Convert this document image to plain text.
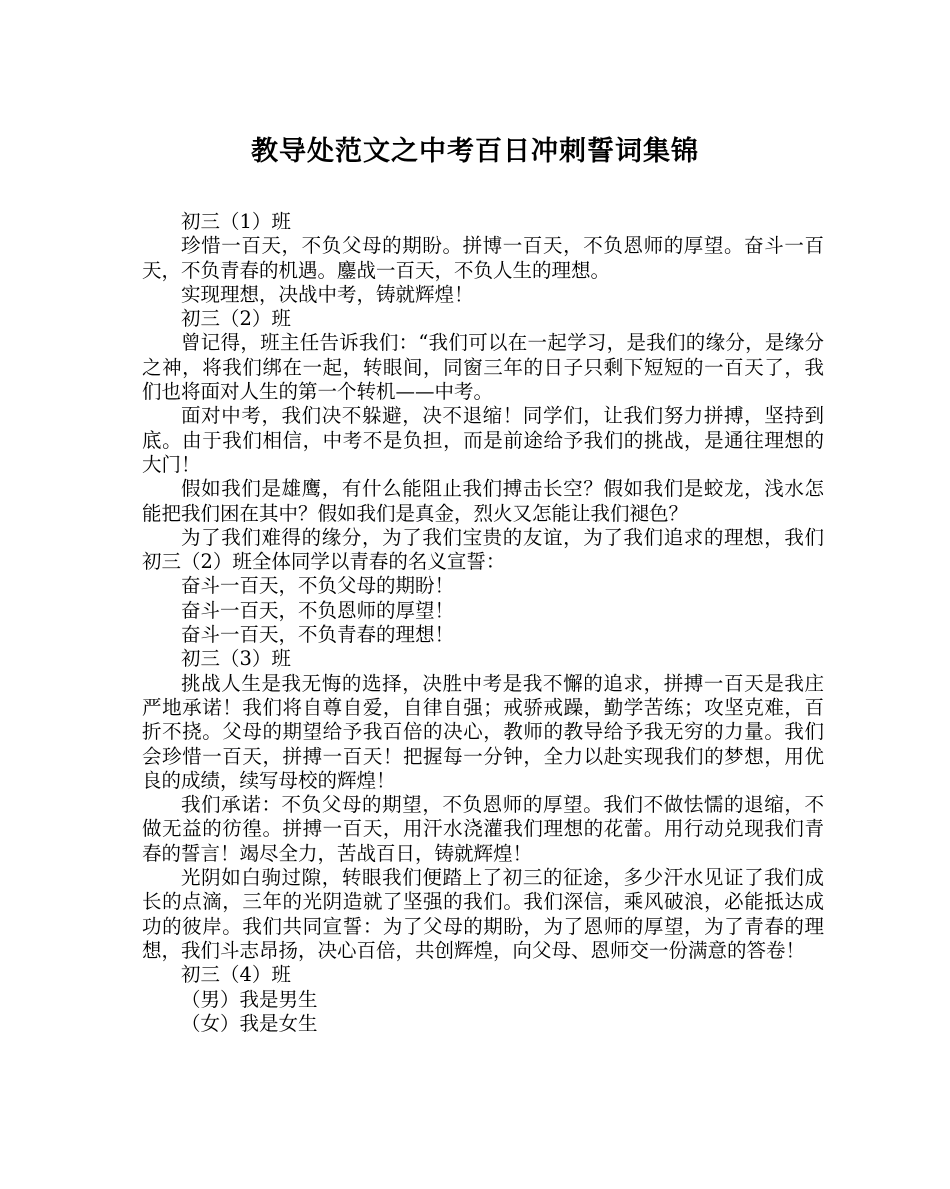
教导处范文之中考百日冲刺誓词集锦

初三（1）班

珍惜一百天，不负父母的期盼。拼博一百天，不负恩师的厚望。奋斗一百天，不负青春的机遇。鏖战一百天，不负人生的理想。

实现理想，决战中考，铸就辉煌！

初三（2）班

曾记得，班主任告诉我们：“我们可以在一起学习，是我们的缘分，是缘分之神，将我们绑在一起，转眼间，同窗三年的日子只剩下短短的一百天了，我们也将面对人生的第一个转机——中考。

面对中考，我们决不躲避，决不退缩！同学们，让我们努力拼搏，坚持到底。由于我们相信，中考不是负担，而是前途给予我们的挑战，是通往理想的大门！

假如我们是雄鹰，有什么能阻止我们搏击长空？假如我们是蛟龙，浅水怎能把我们困在其中？假如我们是真金，烈火又怎能让我们褪色？

为了我们难得的缘分，为了我们宝贵的友谊，为了我们追求的理想，我们初三（2）班全体同学以青春的名义宣誓：

奋斗一百天，不负父母的期盼！

奋斗一百天，不负恩师的厚望！

奋斗一百天，不负青春的理想！

初三（3）班

挑战人生是我无悔的选择，决胜中考是我不懈的追求，拼搏一百天是我庄严地承诺！我们将自尊自爱，自律自强；戒骄戒躁，勤学苦练；攻坚克难，百折不挠。父母的期望给予我百倍的决心，教师的教导给予我无穷的力量。我们会珍惜一百天，拼搏一百天！把握每一分钟，全力以赴实现我们的梦想，用优良的成绩，续写母校的辉煌！

我们承诺：不负父母的期望，不负恩师的厚望。我们不做怯懦的退缩，不做无益的彷徨。拼搏一百天，用汗水浇灌我们理想的花蕾。用行动兑现我们青春的誓言！竭尽全力，苦战百日，铸就辉煌！

光阴如白驹过隙，转眼我们便踏上了初三的征途，多少汗水见证了我们成长的点滴，三年的光阴造就了坚强的我们。我们深信，乘风破浪，必能抵达成功的彼岸。我们共同宣誓：为了父母的期盼，为了恩师的厚望，为了青春的理想，我们斗志昂扬，决心百倍，共创辉煌，向父母、恩师交一份满意的答卷！

初三（4）班

（男）我是男生

（女）我是女生
